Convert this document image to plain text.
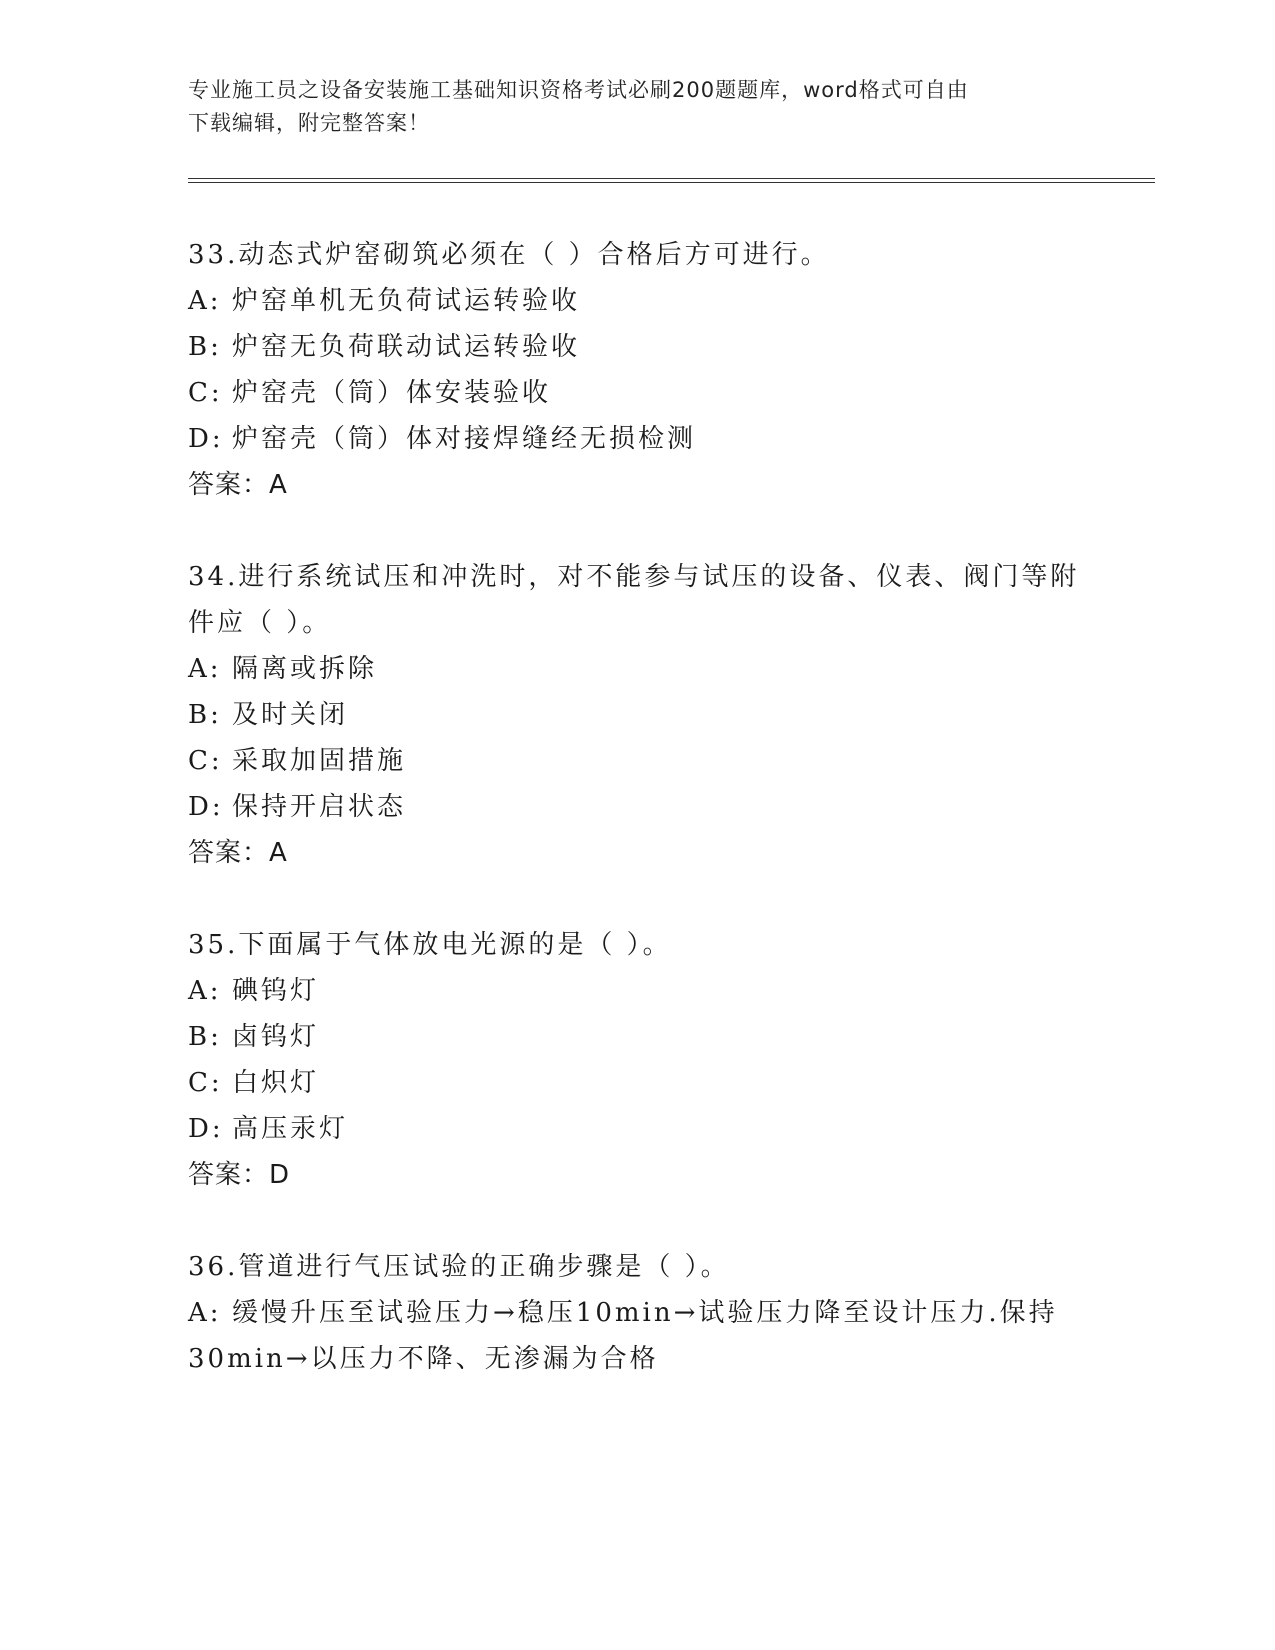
专业施工员之设备安装施工基础知识资格考试必刷200题题库，word格式可自由
下载编辑，附完整答案！
33.动态式炉窑砌筑必须在（ ）合格后方可进行。
A: 炉窑单机无负荷试运转验收
B: 炉窑无负荷联动试运转验收
C: 炉窑壳（筒）体安装验收
D: 炉窑壳（筒）体对接焊缝经无损检测
答案：A
34.进行系统试压和冲洗时，对不能参与试压的设备、仪表、阀门等附
件应（ ）。
A: 隔离或拆除
B: 及时关闭
C: 采取加固措施
D: 保持开启状态
答案：A
35.下面属于气体放电光源的是（ ）。
A: 碘钨灯
B: 卤钨灯
C: 白炽灯
D: 高压汞灯
答案：D
36.管道进行气压试验的正确步骤是（ ）。
A: 缓慢升压至试验压力→稳压10min→试验压力降至设计压力.保持
30min→以压力不降、无渗漏为合格
